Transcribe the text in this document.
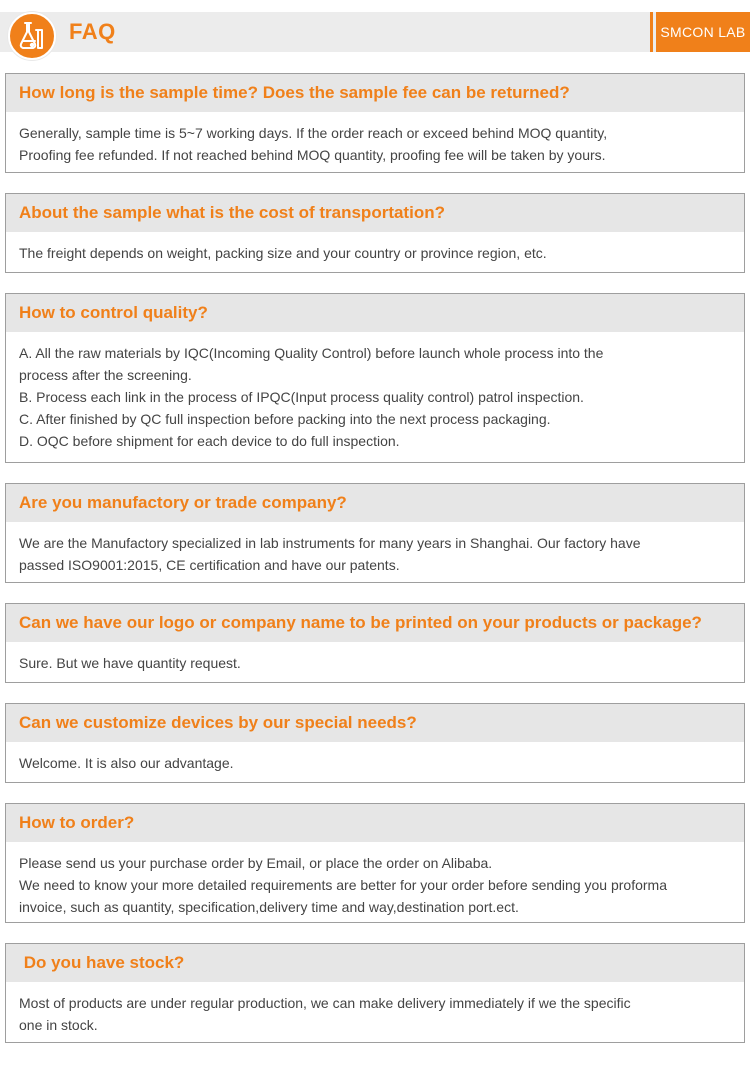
FAQ	SMCON LAB
How long is the sample time? Does the sample fee can be returned?
Generally, sample time is 5~7 working days. If the order reach or exceed behind MOQ quantity,
Proofing fee refunded. If not reached behind MOQ quantity, proofing fee will be taken by yours.
About the sample what is the cost of transportation?
The freight depends on weight, packing size and your country or province region, etc.
How to control quality?
A. All the raw materials by IQC(Incoming Quality Control) before launch whole process into the
process after the screening.
B. Process each link in the process of IPQC(Input process quality control) patrol inspection.
C. After finished by QC full inspection before packing into the next process packaging.
D. OQC before shipment for each device to do full inspection.
Are you manufactory or trade company?
We are the Manufactory specialized in lab instruments for many years in Shanghai. Our factory have
passed ISO9001:2015, CE certification and have our patents.
Can we have our logo or company name to be printed on your products or package?
Sure. But we have quantity request.
Can we customize devices by our special needs?
Welcome. It is also our advantage.
How to order?
Please send us your purchase order by Email, or place the order on Alibaba.
We need to know your more detailed requirements are better for your order before sending you proforma
invoice, such as quantity, specification,delivery time and way,destination port.ect.
Do you have stock?
Most of products are under regular production, we can make delivery immediately if we the specific
one in stock.
